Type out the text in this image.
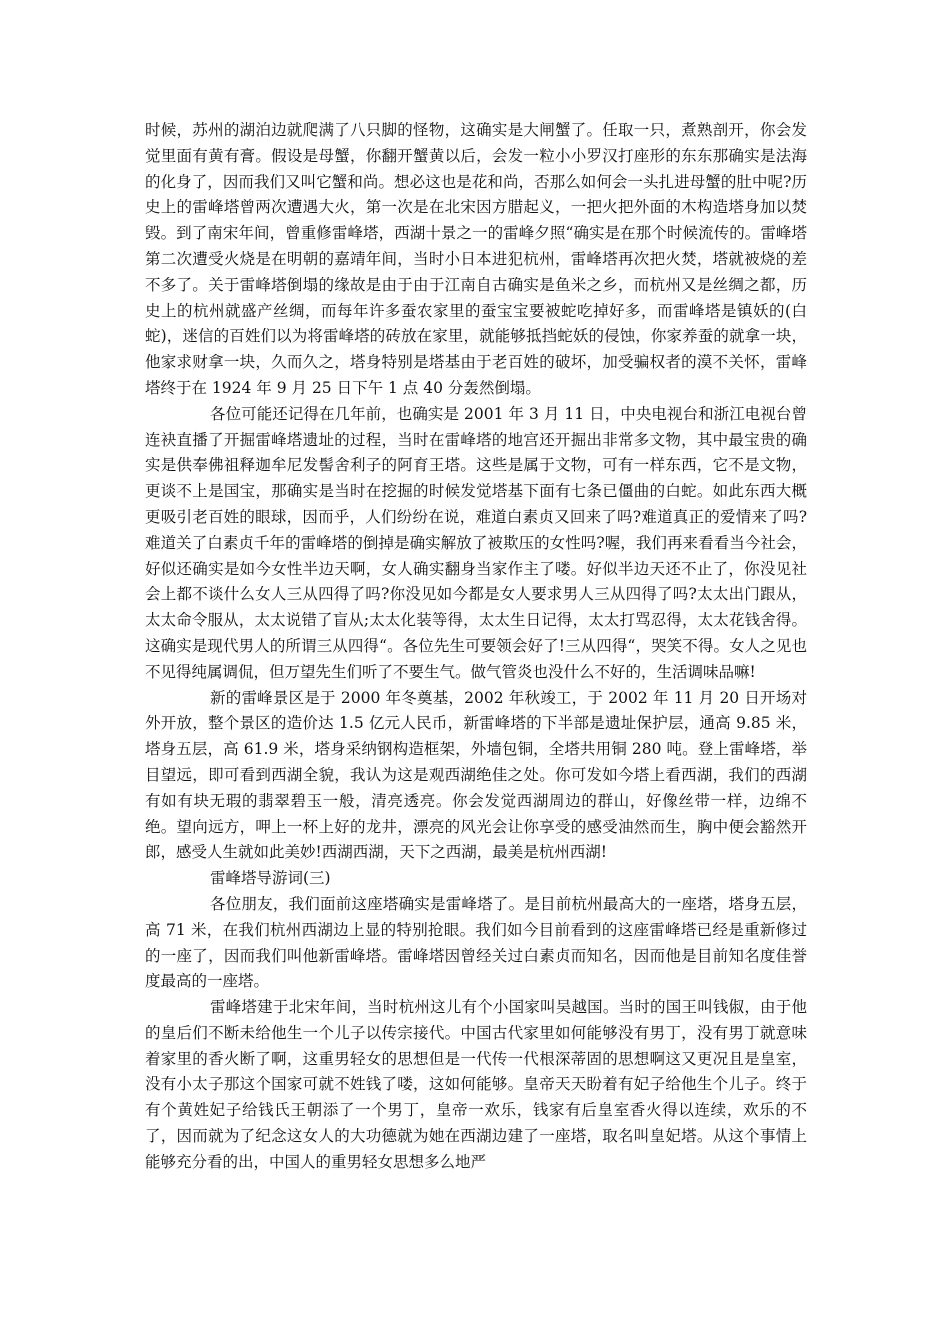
时候，苏州的湖泊边就爬满了八只脚的怪物，这确实是大闸蟹了。任取一只，煮熟剖开，你会发觉里面有黄有膏。假设是母蟹，你翻开蟹黄以后，会发一粒小小罗汉打座形的东东那确实是法海的化身了，因而我们又叫它蟹和尚。想必这也是花和尚，否那么如何会一头扎进母蟹的肚中呢?历史上的雷峰塔曾两次遭遇大火，第一次是在北宋因方腊起义，一把火把外面的木构造塔身加以焚毁。到了南宋年间，曾重修雷峰塔，西湖十景之一的雷峰夕照“确实是在那个时候流传的。雷峰塔第二次遭受火烧是在明朝的嘉靖年间，当时小日本进犯杭州，雷峰塔再次把火焚，塔就被烧的差不多了。关于雷峰塔倒塌的缘故是由于由于江南自古确实是鱼米之乡，而杭州又是丝绸之都，历史上的杭州就盛产丝绸，而每年许多蚕农家里的蚕宝宝要被蛇吃掉好多，而雷峰塔是镇妖的(白蛇)，迷信的百姓们以为将雷峰塔的砖放在家里，就能够抵挡蛇妖的侵蚀，你家养蚕的就拿一块，他家求财拿一块，久而久之，塔身特别是塔基由于老百姓的破坏，加受骗权者的漠不关怀，雷峰塔终于在 1924 年 9 月 25 日下午 1 点 40 分轰然倒塌。

各位可能还记得在几年前，也确实是 2001 年 3 月 11 日，中央电视台和浙江电视台曾连袂直播了开掘雷峰塔遗址的过程，当时在雷峰塔的地宫还开掘出非常多文物，其中最宝贵的确实是供奉佛祖释迦牟尼发髻舍利子的阿育王塔。这些是属于文物，可有一样东西，它不是文物，更谈不上是国宝，那确实是当时在挖掘的时候发觉塔基下面有七条已僵曲的白蛇。如此东西大概更吸引老百姓的眼球，因而乎，人们纷纷在说，难道白素贞又回来了吗?难道真正的爱情来了吗?难道关了白素贞千年的雷峰塔的倒掉是确实解放了被欺压的女性吗?喔，我们再来看看当今社会，好似还确实是如今女性半边天啊，女人确实翻身当家作主了喽。好似半边天还不止了，你没见社会上都不谈什么女人三从四得了吗?你没见如今都是女人要求男人三从四得了吗?太太出门跟从，太太命令服从，太太说错了盲从;太太化装等得，太太生日记得，太太打骂忍得，太太花钱舍得。这确实是现代男人的所谓三从四得“。各位先生可要领会好了!三从四得“，哭笑不得。女人之见也不见得纯属调侃，但万望先生们听了不要生气。做气管炎也没什么不好的，生活调味品嘛!

新的雷峰景区是于 2000 年冬奠基，2002 年秋竣工，于 2002 年 11 月 20 日开场对外开放，整个景区的造价达 1.5 亿元人民币，新雷峰塔的下半部是遗址保护层，通高 9.85 米，塔身五层，高 61.9 米，塔身采纳钢构造框架，外墙包铜，全塔共用铜 280 吨。登上雷峰塔，举目望远，即可看到西湖全貌，我认为这是观西湖绝佳之处。你可发如今塔上看西湖，我们的西湖有如有块无瑕的翡翠碧玉一般，清亮透亮。你会发觉西湖周边的群山，好像丝带一样，边绵不绝。望向远方，呷上一杯上好的龙井，漂亮的风光会让你享受的感受油然而生，胸中便会豁然开郎，感受人生就如此美妙!西湖西湖，天下之西湖，最美是杭州西湖!

雷峰塔导游词(三)

各位朋友，我们面前这座塔确实是雷峰塔了。是目前杭州最高大的一座塔，塔身五层，高 71 米，在我们杭州西湖边上显的特别抢眼。我们如今目前看到的这座雷峰塔已经是重新修过的一座了，因而我们叫他新雷峰塔。雷峰塔因曾经关过白素贞而知名，因而他是目前知名度佳誉度最高的一座塔。

雷峰塔建于北宋年间，当时杭州这儿有个小国家叫吴越国。当时的国王叫钱俶，由于他的皇后们不断未给他生一个儿子以传宗接代。中国古代家里如何能够没有男丁，没有男丁就意味着家里的香火断了啊，这重男轻女的思想但是一代传一代根深蒂固的思想啊这又更况且是皇室，没有小太子那这个国家可就不姓钱了喽，这如何能够。皇帝天天盼着有妃子给他生个儿子。终于有个黄姓妃子给钱氏王朝添了一个男丁，皇帝一欢乐，钱家有后皇室香火得以连续，欢乐的不了，因而就为了纪念这女人的大功德就为她在西湖边建了一座塔，取名叫皇妃塔。从这个事情上能够充分看的出，中国人的重男轻女思想多么地严
